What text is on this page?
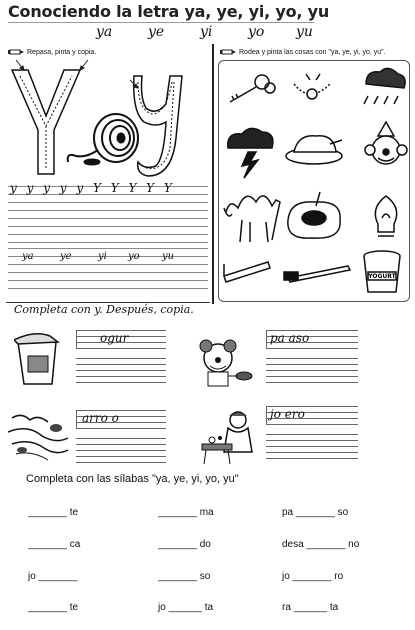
Conociendo la letra ya, ye, yi, yo, yu
ya	ye	yi	yo yu
Repasa, pinta y copia.
y y y y y Y Y Y Y Y
ya	ye	yi yo yu
Rodea y pinta las cosas con "ya, ye, yi, yo, yu".
YOGURT
Completa con y. Después, copia.
ogur	pa aso
arro o	jo ero
Completa con las sílabas "ya, ye, yi, yo, yu"
_______ te	_______ ma	pa _______ so
_______ ca	_______ do	desa _______ no
jo _______	_______ so	jo _______ ro
_______ te	jo ______ ta	ra ______ ta
